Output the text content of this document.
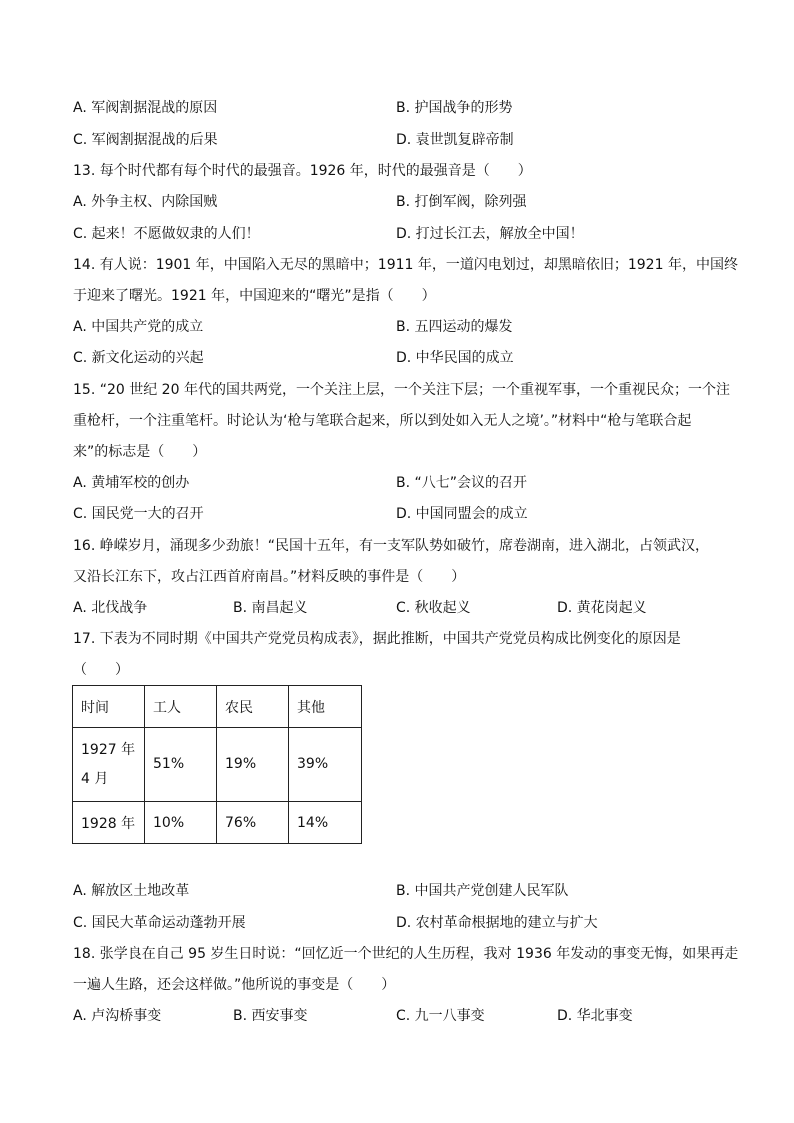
A. 军阀割据混战的原因	B. 护国战争的形势
C. 军阀割据混战的后果	D. 袁世凯复辟帝制
13. 每个时代都有每个时代的最强音。1926 年，时代的最强音是（　　）
A. 外争主权、内除国贼	B. 打倒军阀，除列强
C. 起来！不愿做奴隶的人们！	D. 打过长江去，解放全中国！
14. 有人说：1901 年，中国陷入无尽的黑暗中；1911 年，一道闪电划过，却黑暗依旧；1921 年，中国终
于迎来了曙光。1921 年，中国迎来的“曙光”是指（　　）
A. 中国共产党的成立	B. 五四运动的爆发
C. 新文化运动的兴起	D. 中华民国的成立
15. “20 世纪 20 年代的国共两党，一个关注上层，一个关注下层；一个重视军事，一个重视民众；一个注
重枪杆，一个注重笔杆。时论认为‘枪与笔联合起来，所以到处如入无人之境’。”材料中“枪与笔联合起
来”的标志是（　　）
A. 黄埔军校的创办	B. “八七”会议的召开
C. 国民党一大的召开	D. 中国同盟会的成立
16. 峥嵘岁月，涌现多少劲旅！“民国十五年，有一支军队势如破竹，席卷湖南，进入湖北，占领武汉，
又沿长江东下，攻占江西首府南昌。”材料反映的事件是（　　）
A. 北伐战争	B. 南昌起义	C. 秋收起义	D. 黄花岗起义
17. 下表为不同时期《中国共产党党员构成表》，据此推断，中国共产党党员构成比例变化的原因是
（　　）
时间	工人	农民	其他

1927 年
4 月	51%	19%	39%
1928 年	10%	76%	14%
A. 解放区土地改革	B. 中国共产党创建人民军队
C. 国民大革命运动蓬勃开展	D. 农村革命根据地的建立与扩大
18. 张学良在自己 95 岁生日时说：“回忆近一个世纪的人生历程，我对 1936 年发动的事变无悔，如果再走
一遍人生路，还会这样做。”他所说的事变是（　　）
A. 卢沟桥事变	B. 西安事变	C. 九一八事变	D. 华北事变
